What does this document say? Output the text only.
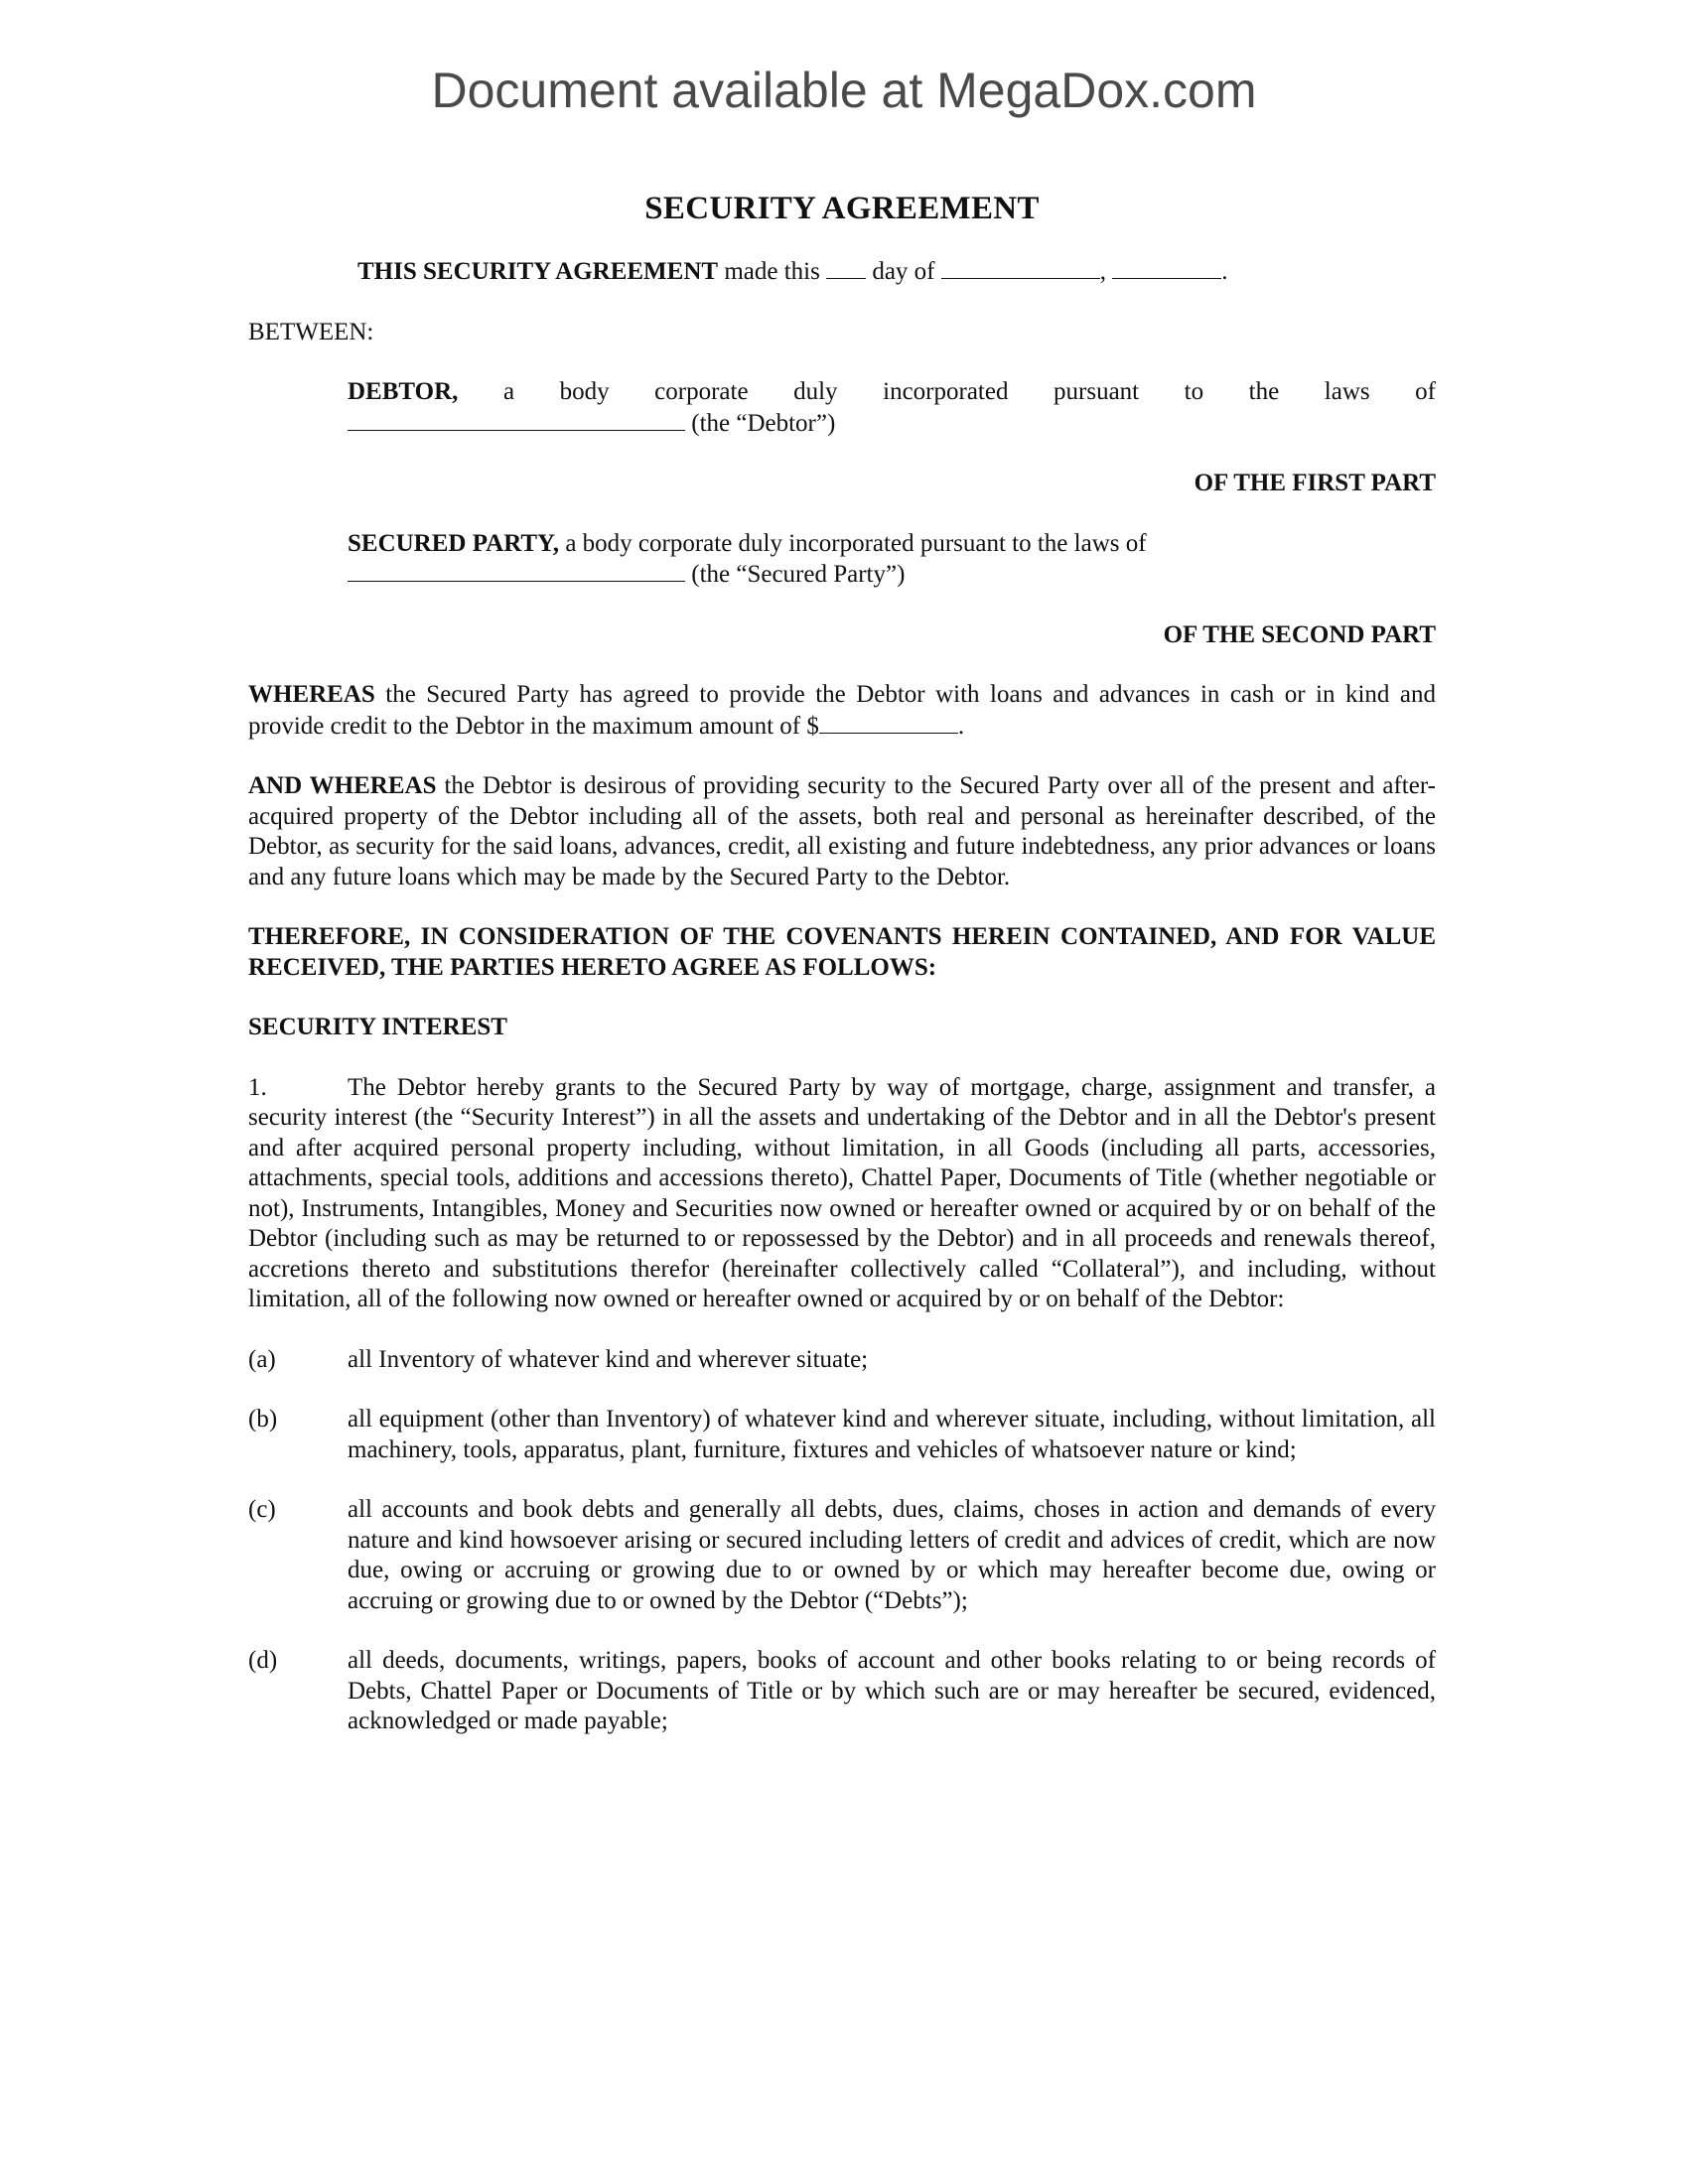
Document available at MegaDox.com
SECURITY AGREEMENT
THIS SECURITY AGREEMENT made this  day of	,	.
BETWEEN:
DEBTOR, a body corporate duly incorporated pursuant to the laws of
(the “Debtor”)
OF THE FIRST PART
SECURED PARTY, a body corporate duly incorporated pursuant to the laws of
(the “Secured Party”)
OF THE SECOND PART
WHEREAS the Secured Party has agreed to provide the Debtor with loans and advances in cash or in kind and provide credit to the Debtor in the maximum amount of $	.
AND WHEREAS the Debtor is desirous of providing security to the Secured Party over all of the present and after-acquired property of the Debtor including all of the assets, both real and personal as hereinafter described, of the Debtor, as security for the said loans, advances, credit, all existing and future indebtedness, any prior advances or loans and any future loans which may be made by the Secured Party to the Debtor.
THEREFORE, IN CONSIDERATION OF THE COVENANTS HEREIN CONTAINED, AND FOR VALUE RECEIVED, THE PARTIES HERETO AGREE AS FOLLOWS:
SECURITY INTEREST
1.	The Debtor hereby grants to the Secured Party by way of mortgage, charge, assignment and transfer, a security interest (the “Security Interest”) in all the assets and undertaking of the Debtor and in all the Debtor's present and after acquired personal property including, without limitation, in all Goods (including all parts, accessories, attachments, special tools, additions and accessions thereto), Chattel Paper, Documents of Title (whether negotiable or not), Instruments, Intangibles, Money and Securities now owned or hereafter owned or acquired by or on behalf of the Debtor (including such as may be returned to or repossessed by the Debtor) and in all proceeds and renewals thereof, accretions thereto and substitutions therefor (hereinafter collectively called “Collateral”), and including, without limitation, all of the following now owned or hereafter owned or acquired by or on behalf of the Debtor:
(a)	all Inventory of whatever kind and wherever situate;
(b)	all equipment (other than Inventory) of whatever kind and wherever situate, including, without limitation, all machinery, tools, apparatus, plant, furniture, fixtures and vehicles of whatsoever nature or kind;
(c)	all accounts and book debts and generally all debts, dues, claims, choses in action and demands of every nature and kind howsoever arising or secured including letters of credit and advices of credit, which are now due, owing or accruing or growing due to or owned by or which may hereafter become due, owing or accruing or growing due to or owned by the Debtor (“Debts”);
(d)	all deeds, documents, writings, papers, books of account and other books relating to or being records of Debts, Chattel Paper or Documents of Title or by which such are or may hereafter be secured, evidenced, acknowledged or made payable;
